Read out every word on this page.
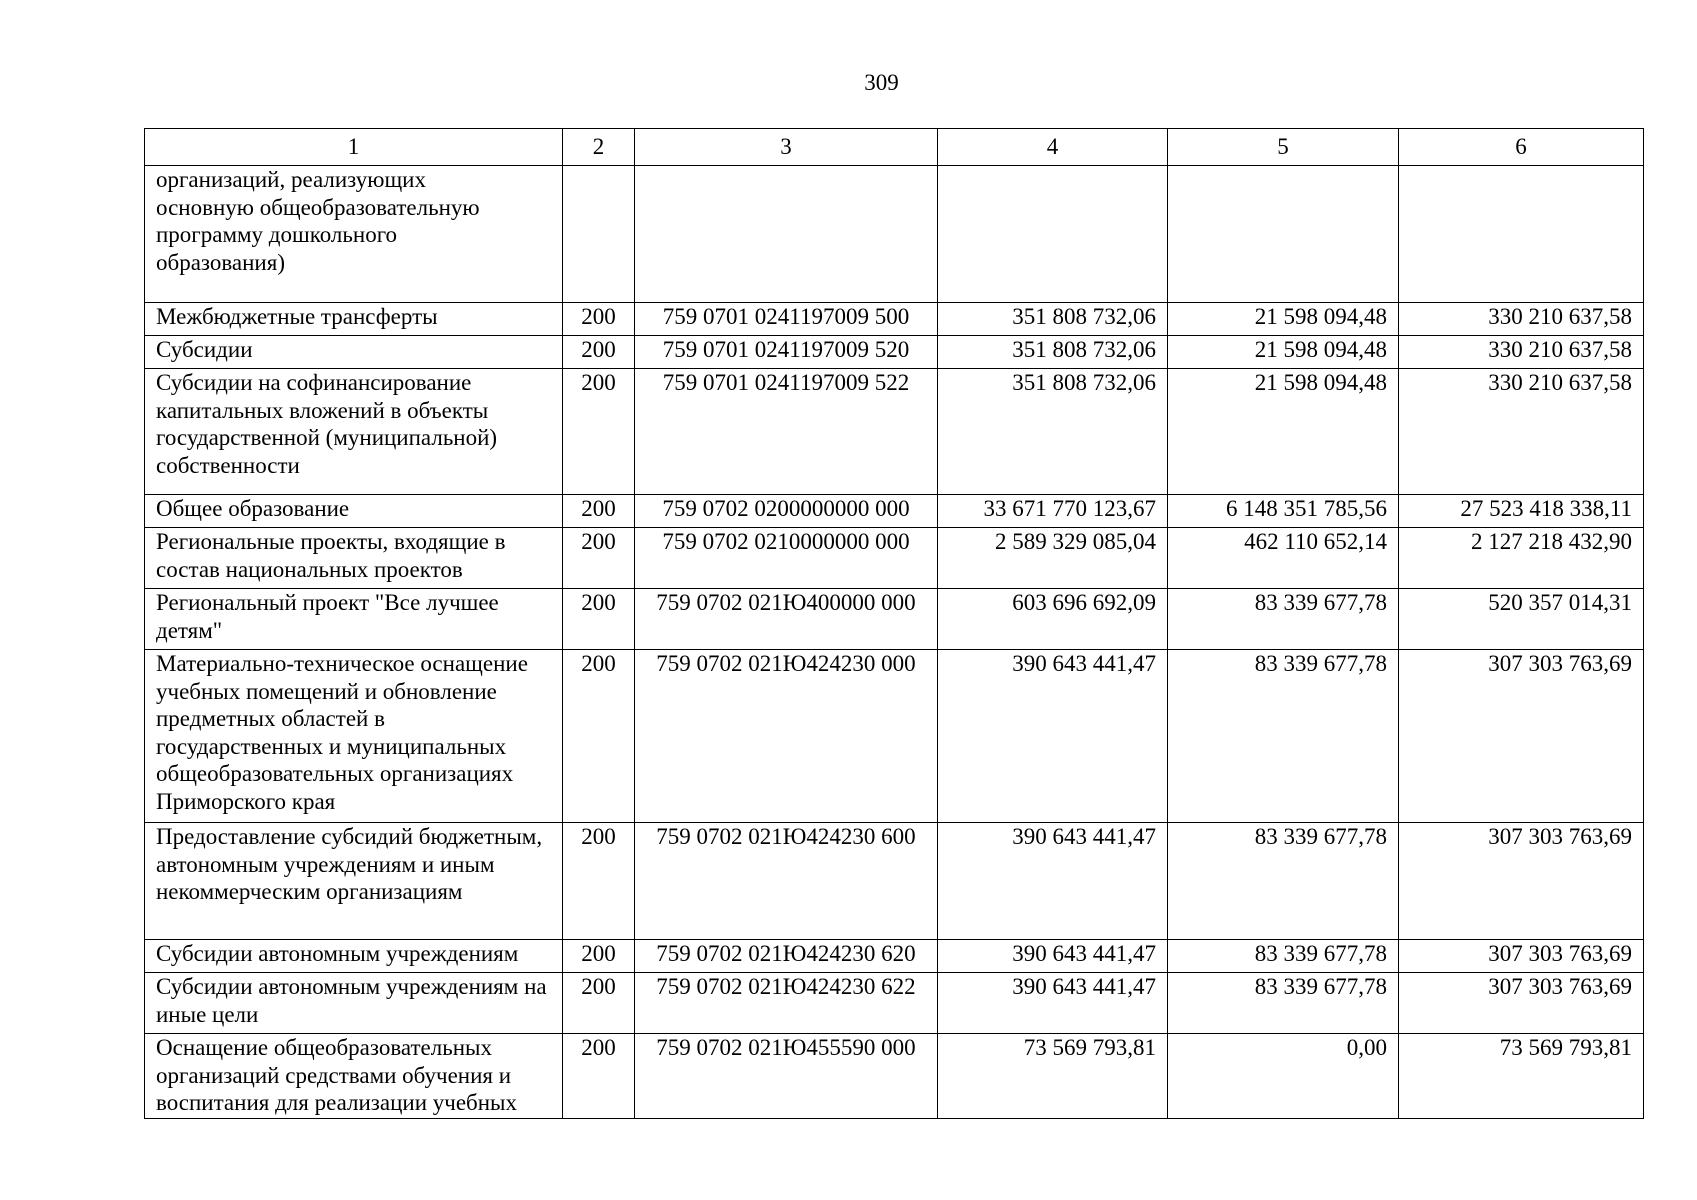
309
1	2	3	4	5	6
организаций, реализующих основную общеобразовательную программу дошкольного образования)					
Межбюджетные трансферты	200	759 0701 0241197009 500	351 808 732,06	21 598 094,48	330 210 637,58
Субсидии	200	759 0701 0241197009 520	351 808 732,06	21 598 094,48	330 210 637,58
Субсидии на софинансирование капитальных вложений в объекты государственной (муниципальной) собственности	200	759 0701 0241197009 522	351 808 732,06	21 598 094,48	330 210 637,58
Общее образование	200	759 0702 0200000000 000	33 671 770 123,67	6 148 351 785,56	27 523 418 338,11
Региональные проекты, входящие в состав национальных проектов	200	759 0702 0210000000 000	2 589 329 085,04	462 110 652,14	2 127 218 432,90
Региональный проект "Все лучшее детям"	200	759 0702 021Ю400000 000	603 696 692,09	83 339 677,78	520 357 014,31
Материально-техническое оснащение учебных помещений и обновление предметных областей в государственных и муниципальных общеобразовательных организациях Приморского края	200	759 0702 021Ю424230 000	390 643 441,47	83 339 677,78	307 303 763,69
Предоставление субсидий бюджетным, автономным учреждениям и иным некоммерческим организациям	200	759 0702 021Ю424230 600	390 643 441,47	83 339 677,78	307 303 763,69
Субсидии автономным учреждениям	200	759 0702 021Ю424230 620	390 643 441,47	83 339 677,78	307 303 763,69
Субсидии автономным учреждениям на иные цели	200	759 0702 021Ю424230 622	390 643 441,47	83 339 677,78	307 303 763,69
Оснащение общеобразовательных организаций средствами обучения и воспитания для реализации учебных	200	759 0702 021Ю455590 000	73 569 793,81	0,00	73 569 793,81
